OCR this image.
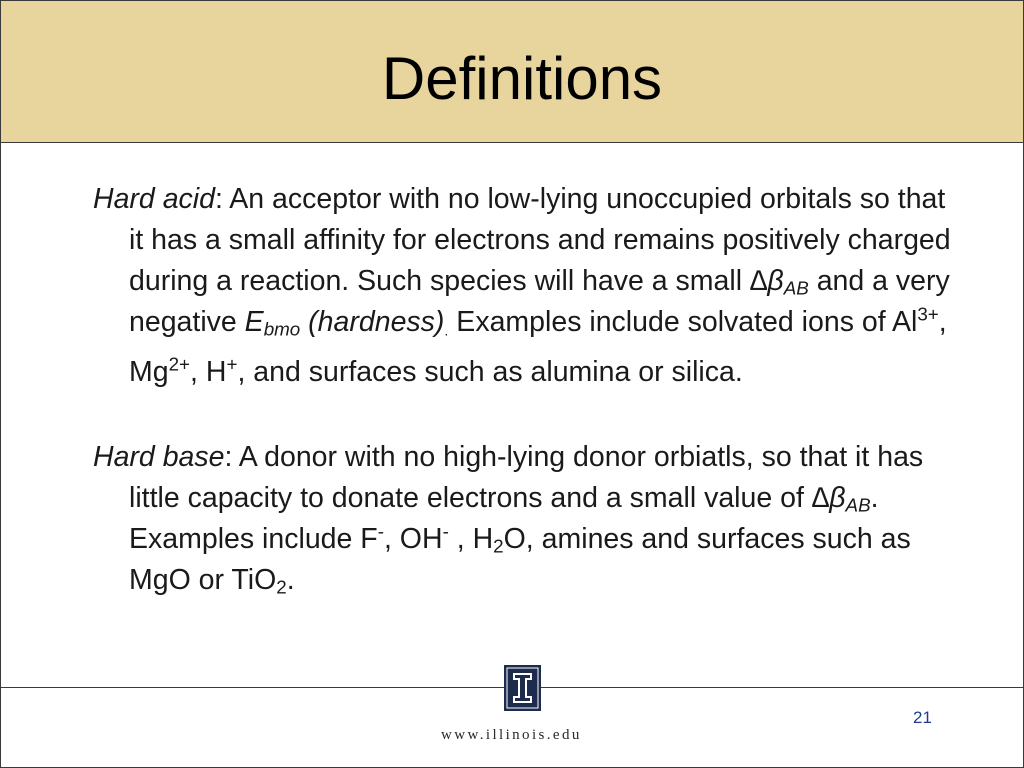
Definitions

Hard acid: An acceptor with no low-lying unoccupied orbitals so that it has a small affinity for electrons and remains positively charged during a reaction. Such species will have a small $\Delta\beta_{AB}$ and a very negative $E_{bmo}$ (hardness). Examples include solvated ions of $Al^{3+}$, $Mg^{2+}$, H+, and surfaces such as alumina or silica.

Hard base: A donor with no high-lying donor orbiatls, so that it has little capacity to donate electrons and a small value of $\Delta\beta_{AB}$. Examples include F-, OH- , $H_2O$, amines and surfaces such as MgO or TiO$_2$.

www.illinois.edu
21
